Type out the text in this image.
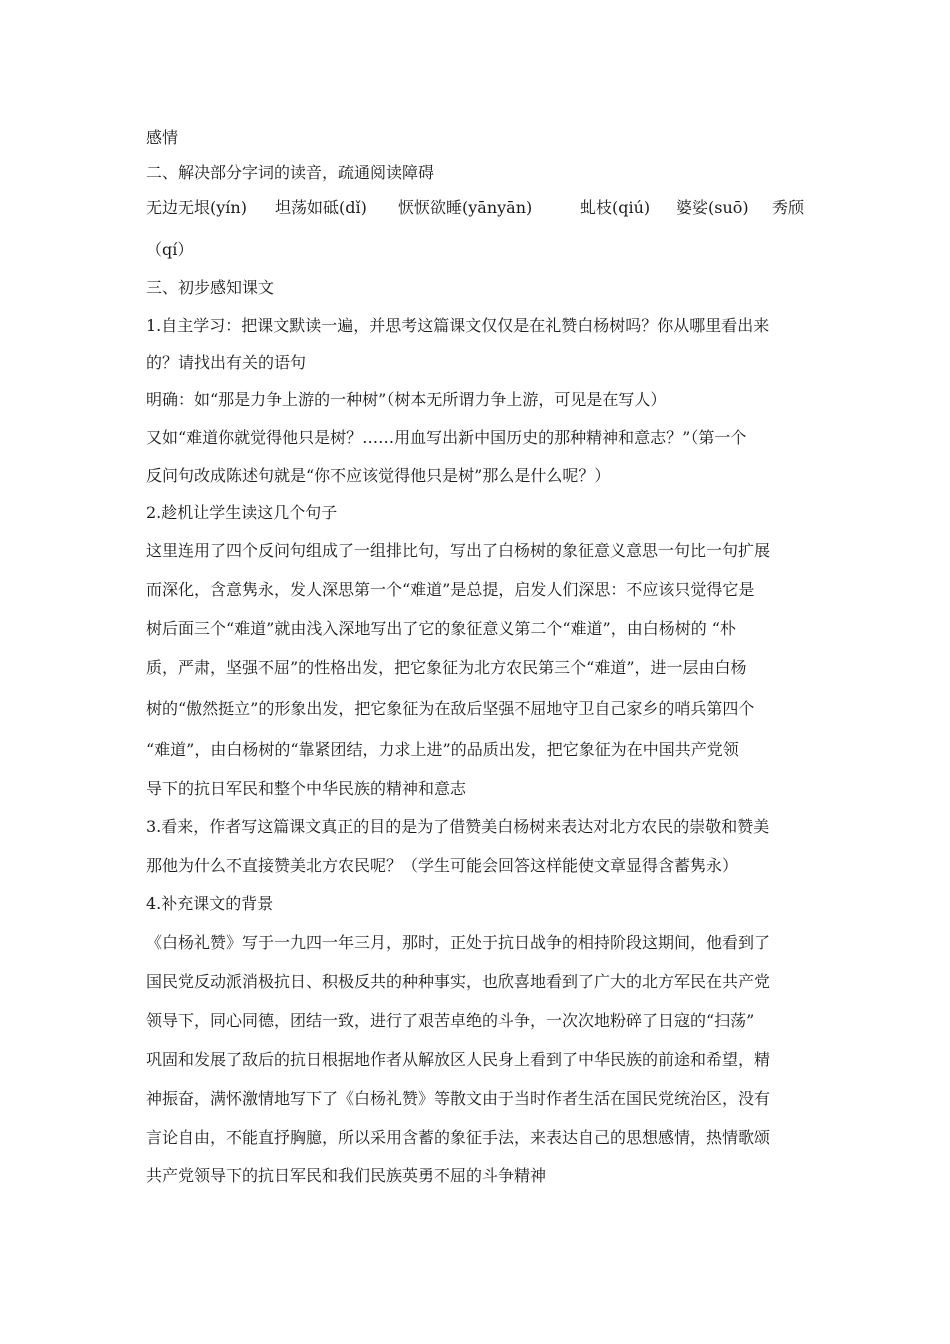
感情
二、解决部分字词的读音，疏通阅读障碍
无边无垠(yín) 坦荡如砥(dǐ) 恹恹欲睡(yānyān)	虬枝(qiú) 婆娑(suō) 秀颀
（qí）
三、初步感知课文
1.自主学习：把课文默读一遍，并思考这篇课文仅仅是在礼赞白杨树吗？你从哪里看出来
的？请找出有关的语句
明确：如“那是力争上游的一种树”（树本无所谓力争上游，可见是在写人）
又如“难道你就觉得他只是树？……用血写出新中国历史的那种精神和意志？”（第一个
反问句改成陈述句就是“你不应该觉得他只是树”那么是什么呢？）
2.趁机让学生读这几个句子
这里连用了四个反问句组成了一组排比句，写出了白杨树的象征意义意思一句比一句扩展
而深化，含意隽永，发人深思第一个“难道”是总提，启发人们深思：不应该只觉得它是
树后面三个“难道”就由浅入深地写出了它的象征意义第二个“难道”，由白杨树的 “朴
质，严肃，坚强不屈”的性格出发，把它象征为北方农民第三个“难道”，进一层由白杨
树的“傲然挺立”的形象出发，把它象征为在敌后坚强不屈地守卫自己家乡的哨兵第四个
“难道”，由白杨树的“靠紧团结，力求上进”的品质出发，把它象征为在中国共产党领
导下的抗日军民和整个中华民族的精神和意志
3.看来，作者写这篇课文真正的目的是为了借赞美白杨树来表达对北方农民的崇敬和赞美
那他为什么不直接赞美北方农民呢？（学生可能会回答这样能使文章显得含蓄隽永）
4.补充课文的背景
《白杨礼赞》写于一九四一年三月，那时，正处于抗日战争的相持阶段这期间，他看到了
国民党反动派消极抗日、积极反共的种种事实，也欣喜地看到了广大的北方军民在共产党
领导下，同心同德，团结一致，进行了艰苦卓绝的斗争，一次次地粉碎了日寇的“扫荡”
巩固和发展了敌后的抗日根据地作者从解放区人民身上看到了中华民族的前途和希望，精
神振奋，满怀激情地写下了《白杨礼赞》等散文由于当时作者生活在国民党统治区，没有
言论自由，不能直抒胸臆，所以采用含蓄的象征手法，来表达自己的思想感情，热情歌颂
共产党领导下的抗日军民和我们民族英勇不屈的斗争精神
